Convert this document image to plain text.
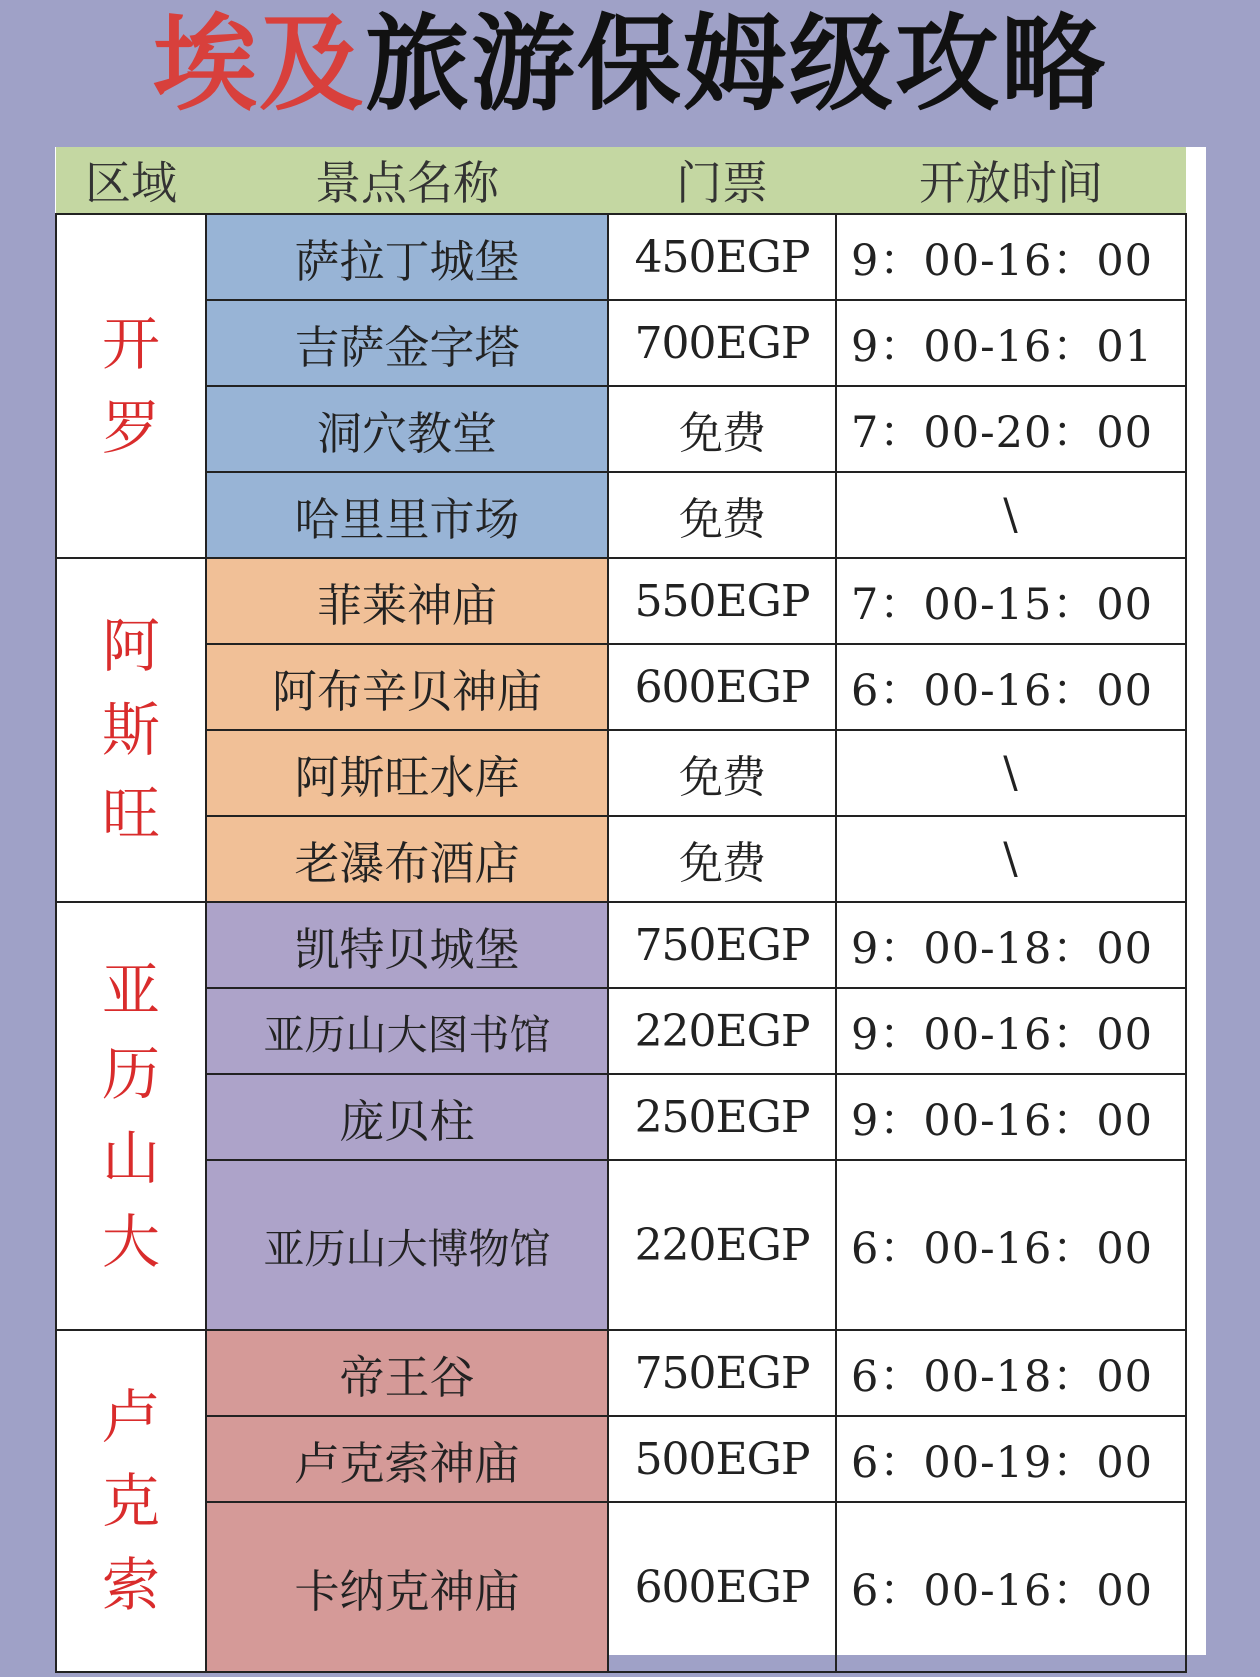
埃及旅游保姆级攻略
区域	景点名称	门票	开放时间

开
罗	萨拉丁城堡	450EGP	9：00-16：00
	吉萨金字塔	700EGP	9：00-16：01
	洞穴教堂	免费	7：00-20：00
	哈里里市场	免费	\

阿
斯
旺	菲莱神庙	550EGP	7：00-15：00
	阿布辛贝神庙	600EGP	6：00-16：00
	阿斯旺水库	免费	\
	老瀑布酒店	免费	\

亚
历
山
大	凯特贝城堡	750EGP	9：00-18：00
	亚历山大图书馆	220EGP	9：00-16：00
	庞贝柱	250EGP	9：00-16：00
	亚历山大博物馆	220EGP	6：00-16：00

卢
克
索	帝王谷	750EGP	6：00-18：00
	卢克索神庙	500EGP	6：00-19：00
	卡纳克神庙	600EGP	6：00-16：00
